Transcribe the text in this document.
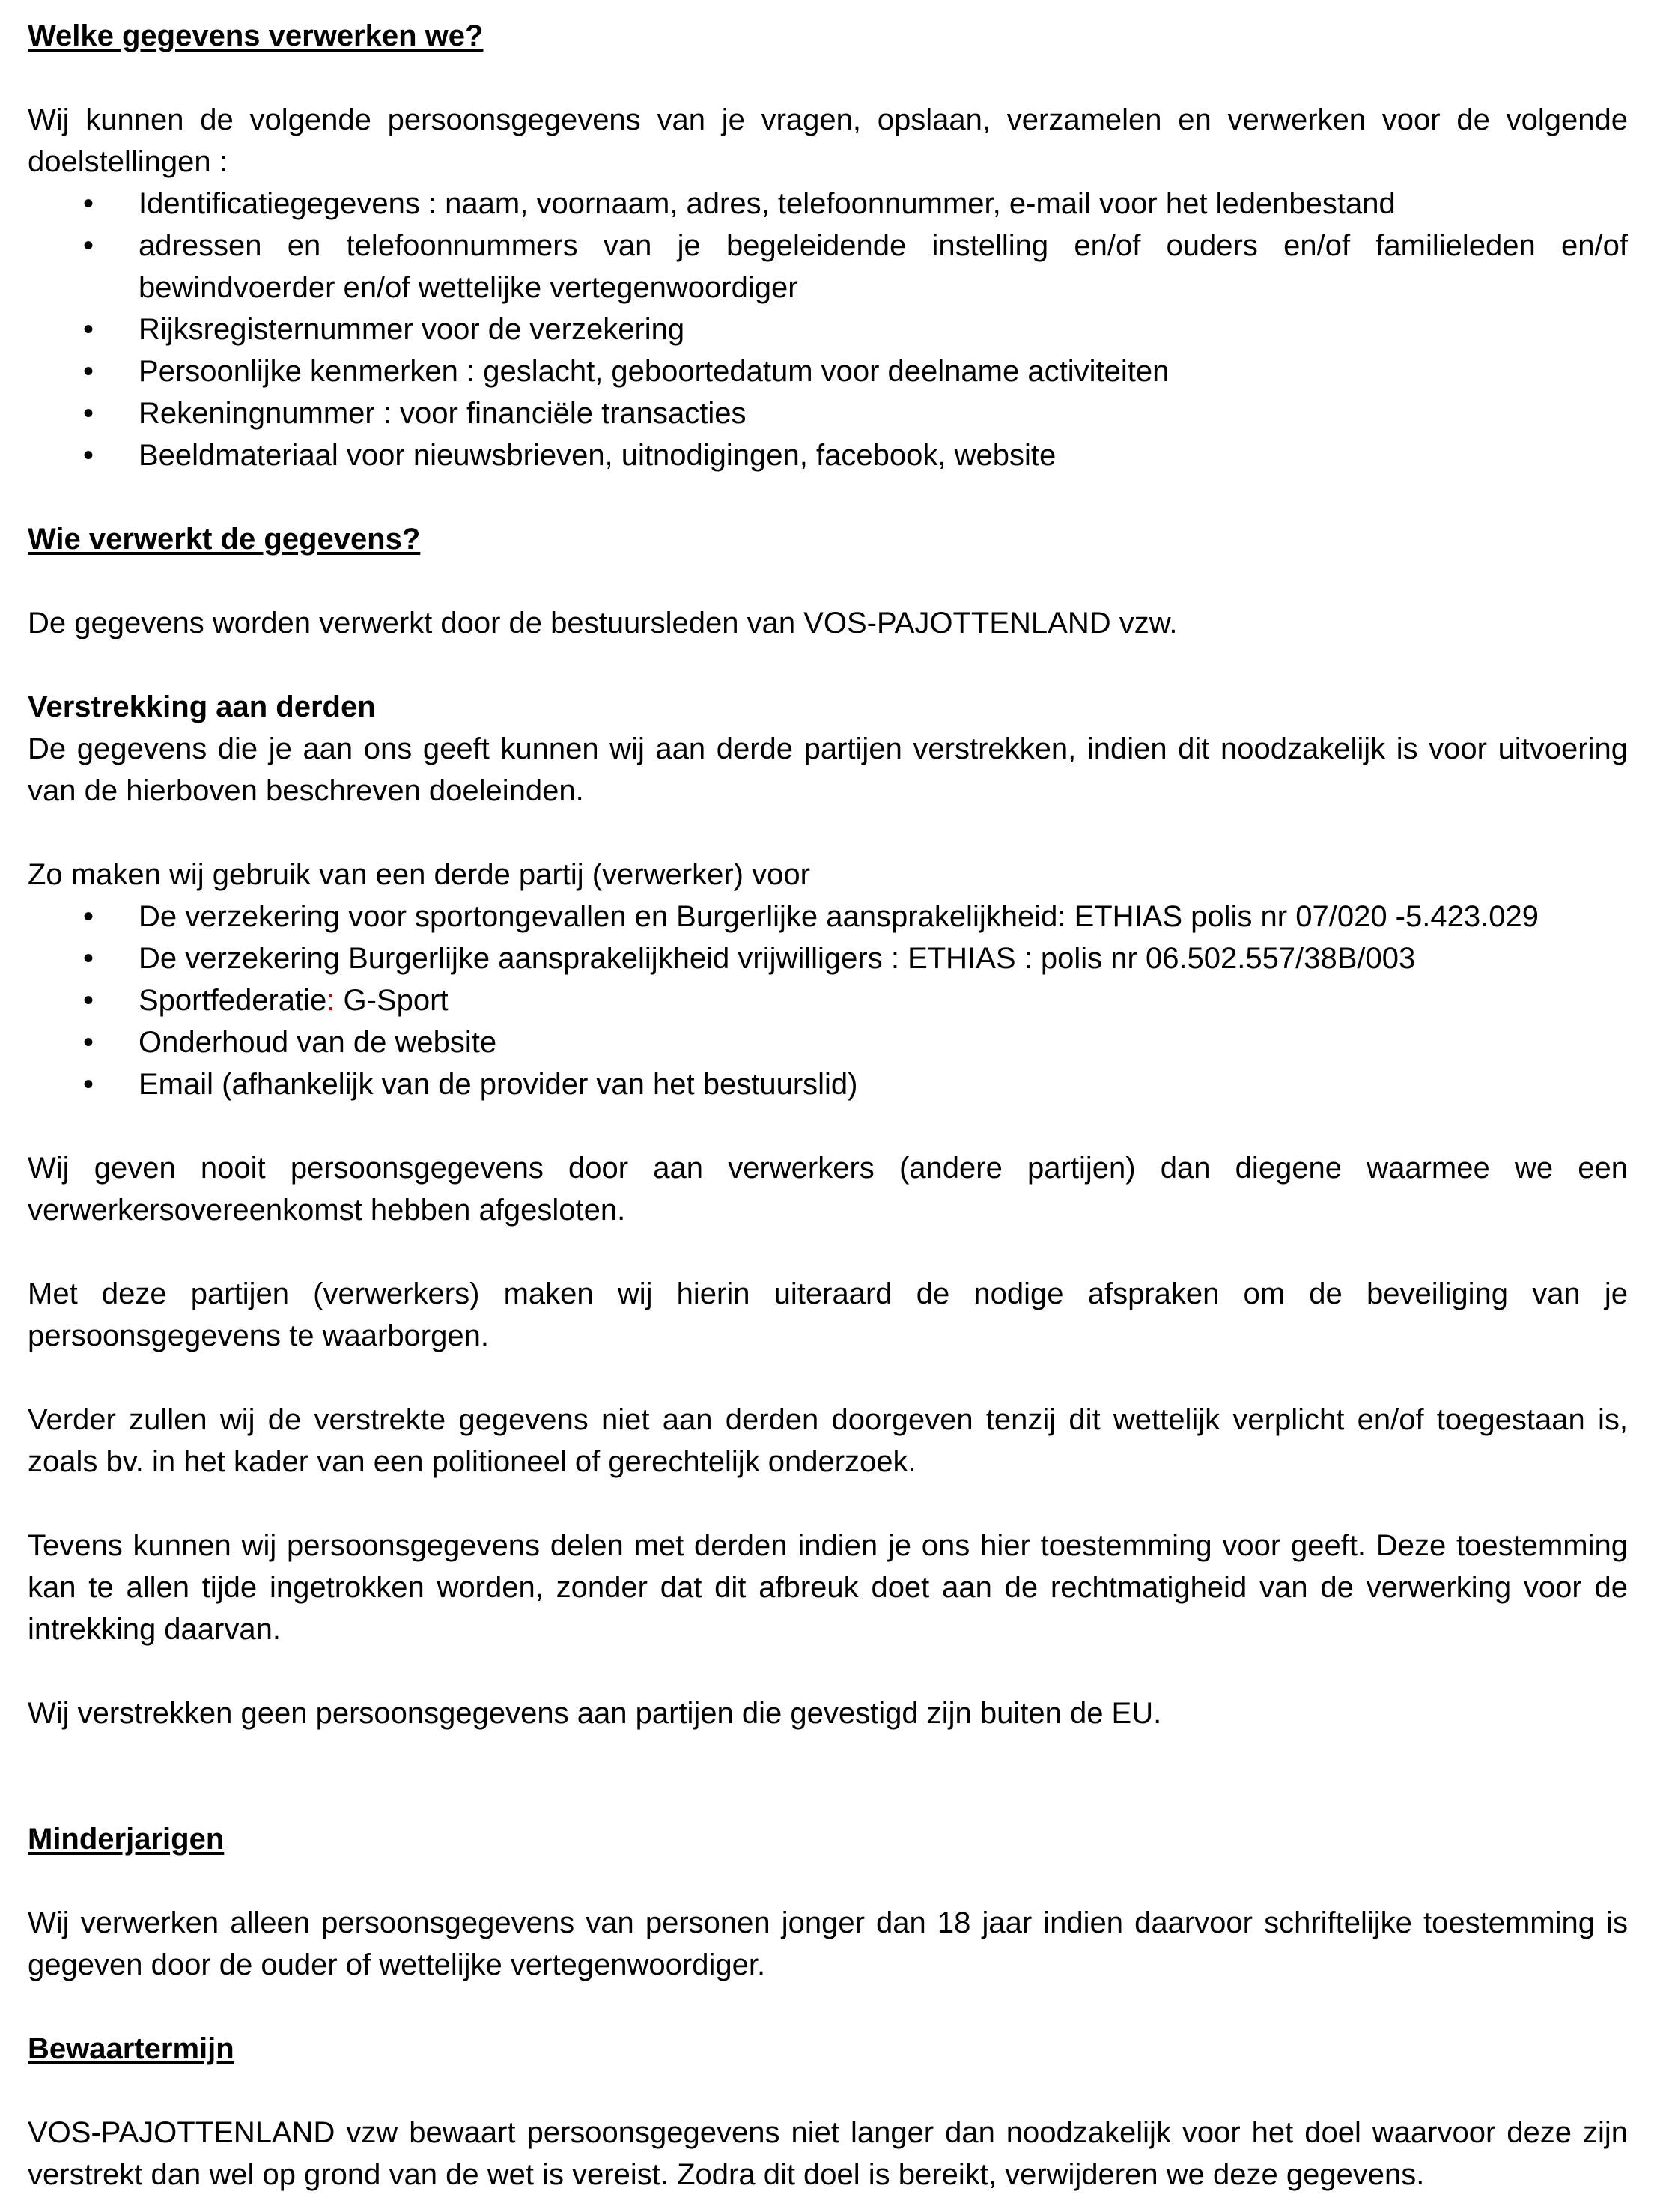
Welke gegevens verwerken we?

Wij kunnen de volgende persoonsgegevens van je vragen, opslaan, verzamelen en verwerken voor de volgende doelstellingen :

• Identificatiegegevens : naam, voornaam, adres, telefoonnummer, e-mail voor het ledenbestand
• adressen en telefoonnummers van je begeleidende instelling en/of ouders en/of familieleden en/of bewindvoerder en/of wettelijke vertegenwoordiger
• Rijksregisternummer voor de verzekering
• Persoonlijke kenmerken : geslacht, geboortedatum voor deelname activiteiten
• Rekeningnummer : voor financiële transacties
• Beeldmateriaal voor nieuwsbrieven, uitnodigingen, facebook, website
Wie verwerkt de gegevens?

De gegevens worden verwerkt door de bestuursleden van VOS-PAJOTTENLAND vzw.

Verstrekking aan derden

De gegevens die je aan ons geeft kunnen wij aan derde partijen verstrekken, indien dit noodzakelijk is voor uitvoering van de hierboven beschreven doeleinden.

Zo maken wij gebruik van een derde partij (verwerker) voor

• De verzekering voor sportongevallen en Burgerlijke aansprakelijkheid: ETHIAS polis nr 07/020 -5.423.029
• De verzekering Burgerlijke aansprakelijkheid vrijwilligers : ETHIAS : polis nr 06.502.557/38B/003
• Sportfederatie: G-Sport
• Onderhoud van de website
• Email (afhankelijk van de provider van het bestuurslid)

Wij geven nooit persoonsgegevens door aan verwerkers (andere partijen) dan diegene waarmee we een verwerkersovereenkomst hebben afgesloten.

Met deze partijen (verwerkers) maken wij hierin uiteraard de nodige afspraken om de beveiliging van je persoonsgegevens te waarborgen.

Verder zullen wij de verstrekte gegevens niet aan derden doorgeven tenzij dit wettelijk verplicht en/of toegestaan is, zoals bv. in het kader van een politioneel of gerechtelijk onderzoek.

Tevens kunnen wij persoonsgegevens delen met derden indien je ons hier toestemming voor geeft. Deze toestemming kan te allen tijde ingetrokken worden, zonder dat dit afbreuk doet aan de rechtmatigheid van de verwerking voor de intrekking daarvan.

Wij verstrekken geen persoonsgegevens aan partijen die gevestigd zijn buiten de EU.

Minderjarigen

Wij verwerken alleen persoonsgegevens van personen jonger dan 18 jaar indien daarvoor schriftelijke toestemming is gegeven door de ouder of wettelijke vertegenwoordiger.

Bewaartermijn

VOS-PAJOTTENLAND vzw bewaart persoonsgegevens niet langer dan noodzakelijk voor het doel waarvoor deze zijn verstrekt dan wel op grond van de wet is vereist. Zodra dit doel is bereikt, verwijderen we deze gegevens.
